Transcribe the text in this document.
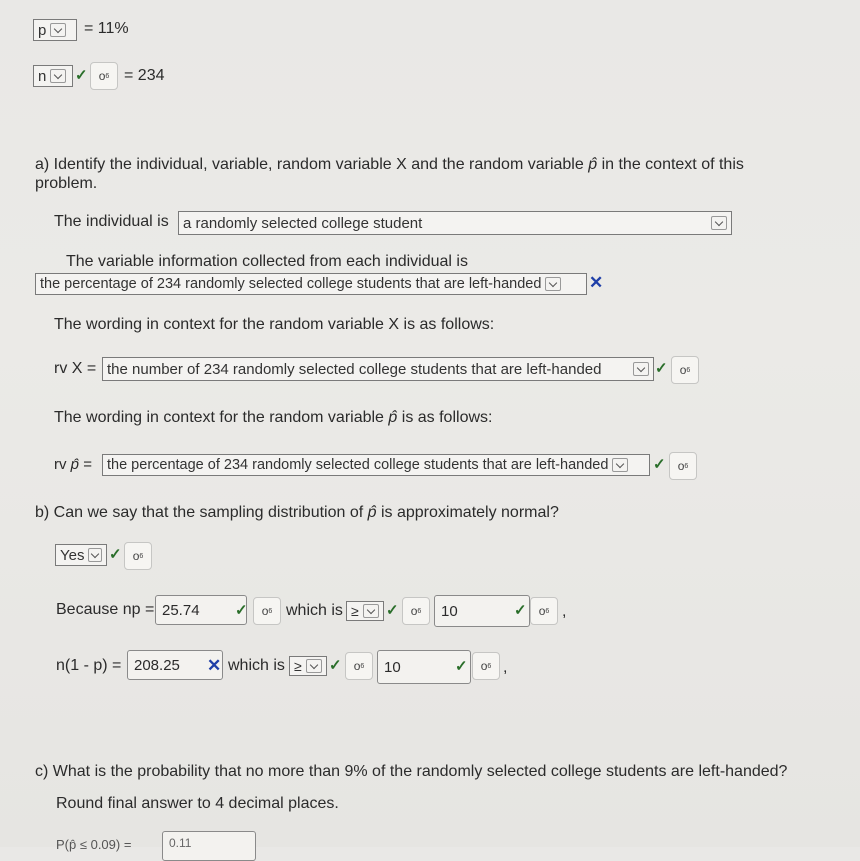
p = 11%
n ✓ o 6 = 234
a) Identify the individual, variable, random variable X and the random variable p̂ in the context of this
problem.
The individual is a randomly selected college student
The variable information collected from each individual is
the percentage of 234 randomly selected college students that are left-handed	✕
The wording in context for the random variable X is as follows:
rv X = the number of 234 randomly selected college students that are left-handed	✓	o 6
The wording in context for the random variable p̂ is as follows:
rv p̂ = the percentage of 234 randomly selected college students that are left-handed	✓	o 6
b) Can we say that the sampling distribution of p̂ is approximately normal?
Yes ✓ o 6
Because np = 25.74 ✓	o 6 which is ≥ ✓	o 6 10	✓	o 6 ,
n(1 - p) = 208.25 ✕ which is ≥ ✓	o 6 10	✓	o 6 ,
c) What is the probability that no more than 9% of the randomly selected college students are left-handed?
Round final answer to 4 decimal places.
P(p̂ ≤ 0.09) =	0.11
